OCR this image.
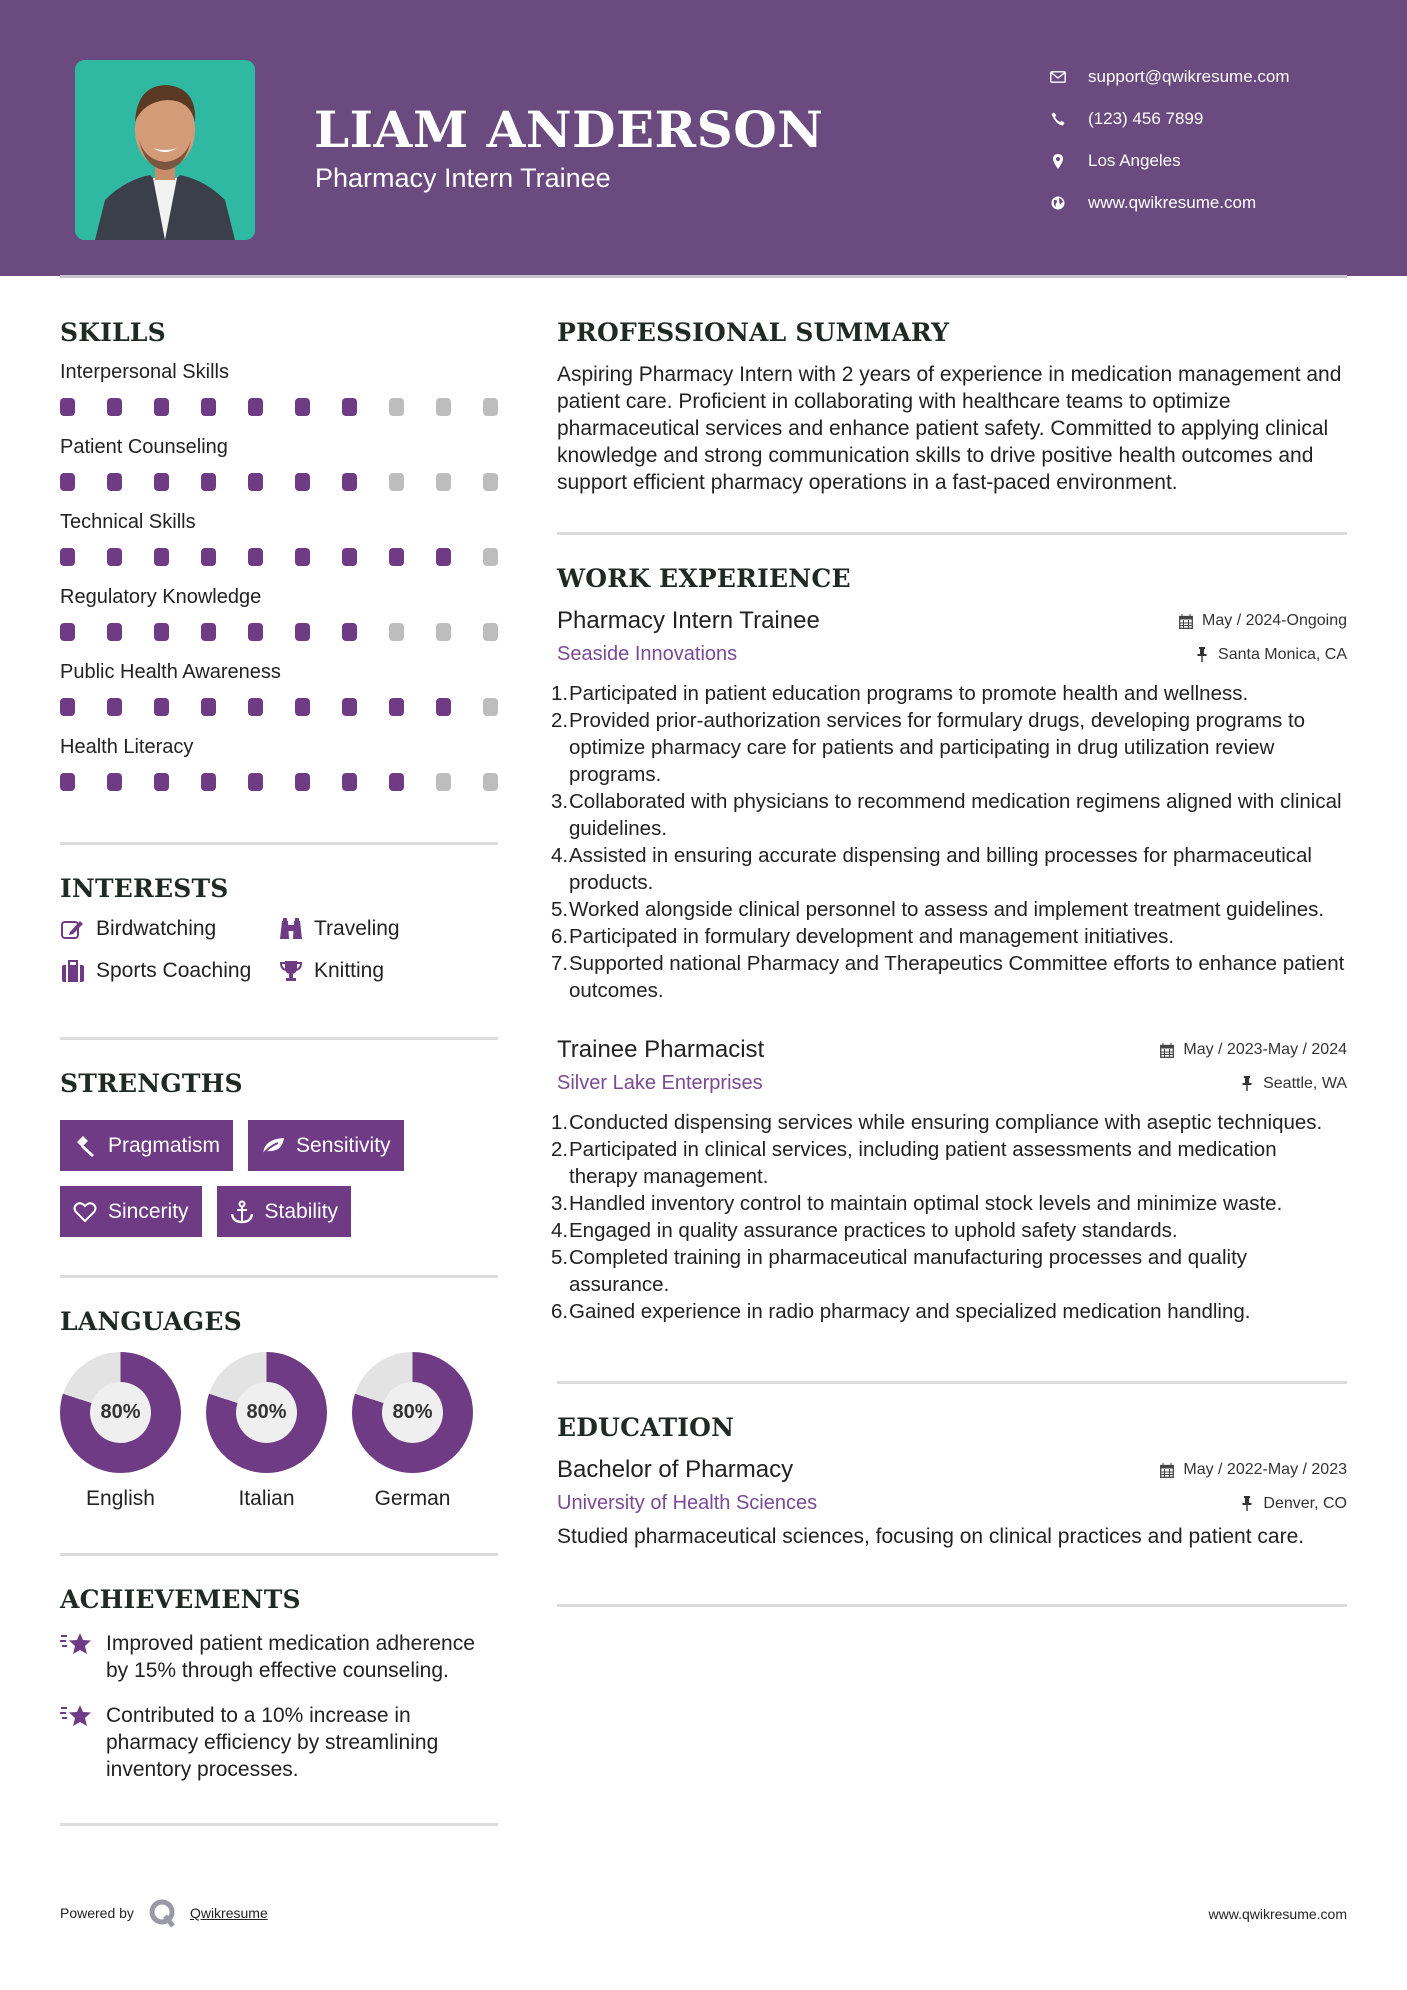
LIAM ANDERSON
Pharmacy Intern Trainee
support@qwikresume.com
(123) 456 7899
Los Angeles
www.qwikresume.com
SKILLS
Interpersonal Skills
Patient Counseling
Technical Skills
Regulatory Knowledge
Public Health Awareness
Health Literacy
INTERESTS
Birdwatching	Traveling
Sports Coaching	Knitting
STRENGTHS
Pragmatism	Sensitivity
Sincerity	Stability
LANGUAGES
80%
English
80%
Italian
80%
German
ACHIEVEMENTS
Improved patient medication adherence by 15% through effective counseling.
Contributed to a 10% increase in pharmacy efficiency by streamlining inventory processes.
PROFESSIONAL SUMMARY
Aspiring Pharmacy Intern with 2 years of experience in medication management and patient care. Proficient in collaborating with healthcare teams to optimize pharmaceutical services and enhance patient safety. Committed to applying clinical knowledge and strong communication skills to drive positive health outcomes and support efficient pharmacy operations in a fast-paced environment.
WORK EXPERIENCE
Pharmacy Intern Trainee	May / 2024-Ongoing
Seaside Innovations	Santa Monica, CA
1. Participated in patient education programs to promote health and wellness.
2. Provided prior-authorization services for formulary drugs, developing programs to optimize pharmacy care for patients and participating in drug utilization review programs.
3. Collaborated with physicians to recommend medication regimens aligned with clinical guidelines.
4. Assisted in ensuring accurate dispensing and billing processes for pharmaceutical products.
5. Worked alongside clinical personnel to assess and implement treatment guidelines.
6. Participated in formulary development and management initiatives.
7. Supported national Pharmacy and Therapeutics Committee efforts to enhance patient outcomes.
Trainee Pharmacist	May / 2023-May / 2024
Silver Lake Enterprises	Seattle, WA
1. Conducted dispensing services while ensuring compliance with aseptic techniques.
2. Participated in clinical services, including patient assessments and medication therapy management.
3. Handled inventory control to maintain optimal stock levels and minimize waste.
4. Engaged in quality assurance practices to uphold safety standards.
5. Completed training in pharmaceutical manufacturing processes and quality assurance.
6. Gained experience in radio pharmacy and specialized medication handling.
EDUCATION
Bachelor of Pharmacy	May / 2022-May / 2023
University of Health Sciences	Denver, CO
Studied pharmaceutical sciences, focusing on clinical practices and patient care.
Powered by	Qwikresume	www.qwikresume.com
